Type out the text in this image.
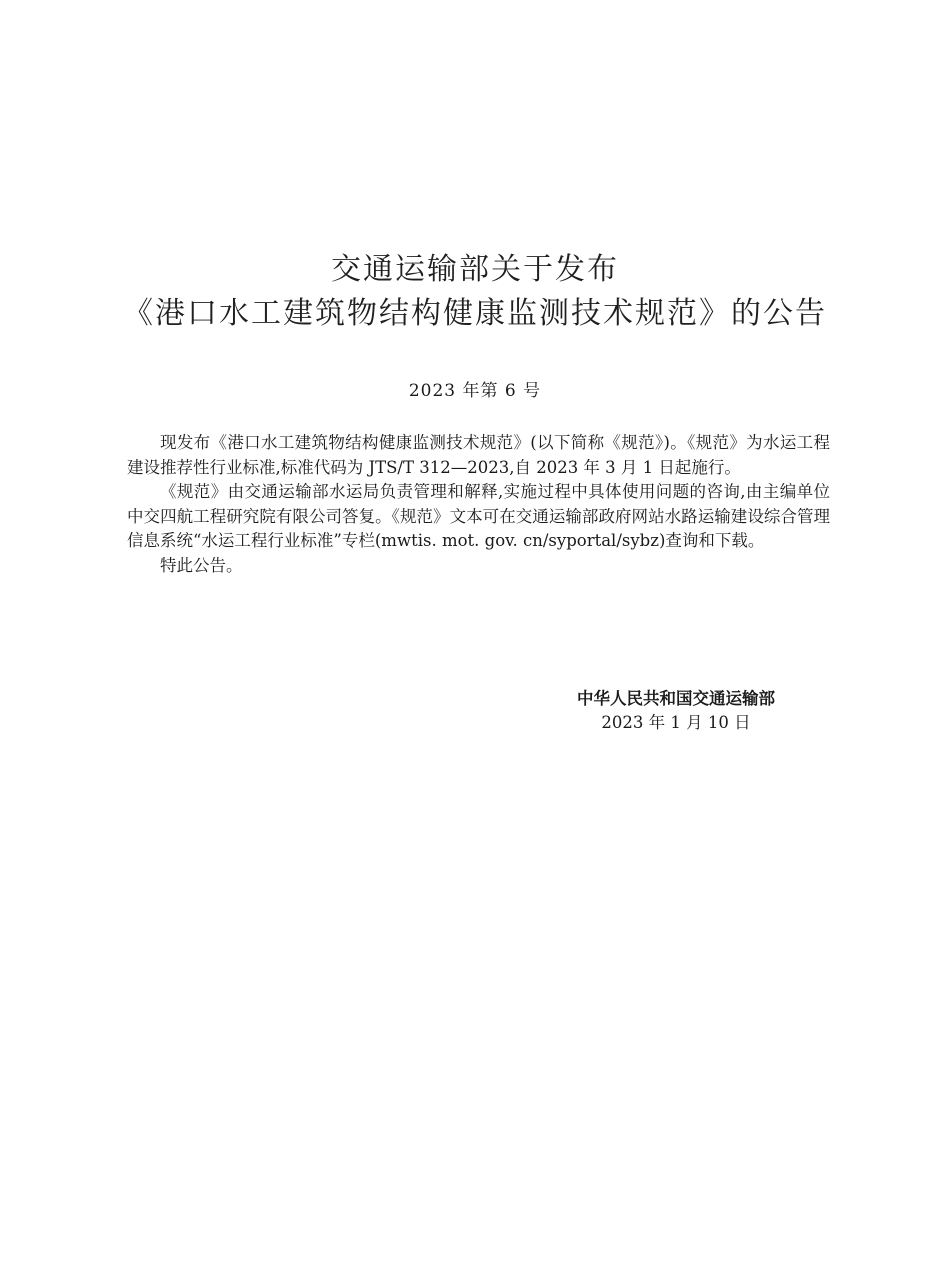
交通运输部关于发布
《港口水工建筑物结构健康监测技术规范》的公告
2023 年第 6 号

现发布《港口水工建筑物结构健康监测技术规范》(以下简称《规范》)。《规范》为水运工程建设推荐性行业标准,标准代码为 JTS/T 312—2023,自 2023 年 3 月 1 日起施行。

《规范》由交通运输部水运局负责管理和解释,实施过程中具体使用问题的咨询,由主编单位中交四航工程研究院有限公司答复。《规范》文本可在交通运输部政府网站水路运输建设综合管理信息系统“水运工程行业标准”专栏(mwtis. mot. gov. cn/syportal/sybz)查询和下载。

特此公告。

中华人民共和国交通运输部
2023 年 1 月 10 日
